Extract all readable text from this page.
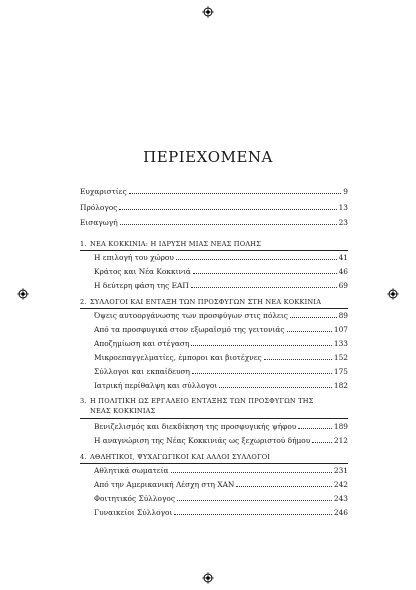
ΠΕΡΙΕΧΟΜΕΝΑ
Ευχαριστίες	9
Πρόλογος	13
Εισαγωγή	23
1. ΝΕΑ ΚΟΚΚΙΝΙΑ: Η ΙΔΡΥΣΗ ΜΙΑΣ ΝΕΑΣ ΠΟΛΗΣ
Η επιλογή του χώρου	41
Κράτος και Νέα Κοκκινιά	46
Η δεύτερη φάση της ΕΑΠ	69
2. ΣΥΛΛΟΓΟΙ ΚΑΙ ΕΝΤΑΞΗ ΤΩΝ ΠΡΟΣΦΥΓΩΝ ΣΤΗ ΝΕΑ ΚΟΚΚΙΝΙΑ
Όψεις αυτοοργάνωσης των προσφύγων στις πόλεις	89
Από τα προσφυγικά στον εξωραϊσμό της γειτονιάς	107
Αποζημίωση και στέγαση	133
Μικροεπαγγελματίες, έμποροι και βιοτέχνες	152
Σύλλογοι και εκπαίδευση	175
Ιατρική περίθαλψη και σύλλογοι	182
3. Η ΠΟΛΙΤΙΚΗ ΩΣ ΕΡΓΑΛΕΙΟ ΕΝΤΑΞΗΣ ΤΩΝ ΠΡΟΣΦΥΓΩΝ ΤΗΣ
ΝΕΑΣ ΚΟΚΚΙΝΙΑΣ
Βενιζελισμός και διεκδίκηση της προσφυγικής ψήφου	189
Η αναγνώριση της Νέας Κοκκινιάς ως ξεχωριστού δήμου	212
4. ΑΘΛΗΤΙΚΟΙ, ΨΥΧΑΓΩΓΙΚΟΙ ΚΑΙ ΑΛΛΟΙ ΣΥΛΛΟΓΟΙ
Αθλητικά σωματεία	231
Από την Αμερικανική Λέσχη στη ΧΑΝ	242
Φοιτητικός Σύλλογος	243
Γυναικείοι Σύλλογοι	246
